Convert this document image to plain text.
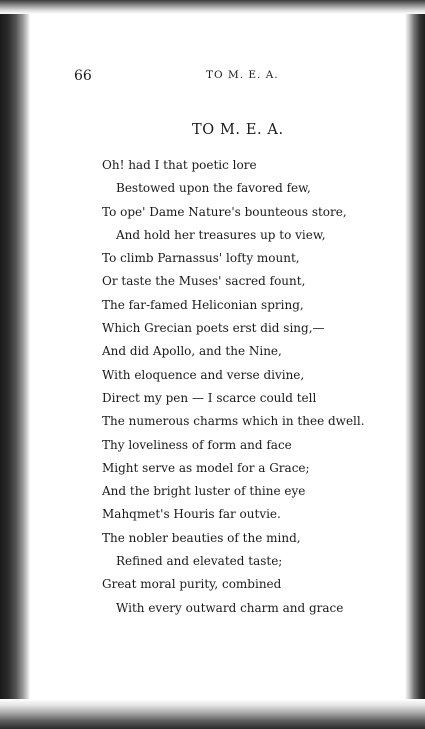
66	TO M. E. A.
TO M. E. A.
Oh! had I that poetic lore
Bestowed upon the favored few,
To ope' Dame Nature's bounteous store,
And hold her treasures up to view,
To climb Parnassus' lofty mount,
Or taste the Muses' sacred fount,
The far-famed Heliconian spring,
Which Grecian poets erst did sing,—
And did Apollo, and the Nine,
With eloquence and verse divine,
Direct my pen — I scarce could tell
The numerous charms which in thee dwell.
Thy loveliness of form and face
Might serve as model for a Grace;
And the bright luster of thine eye
Mahqmet's Houris far outvie.
The nobler beauties of the mind,
Refined and elevated taste;
Great moral purity, combined
With every outward charm and grace
